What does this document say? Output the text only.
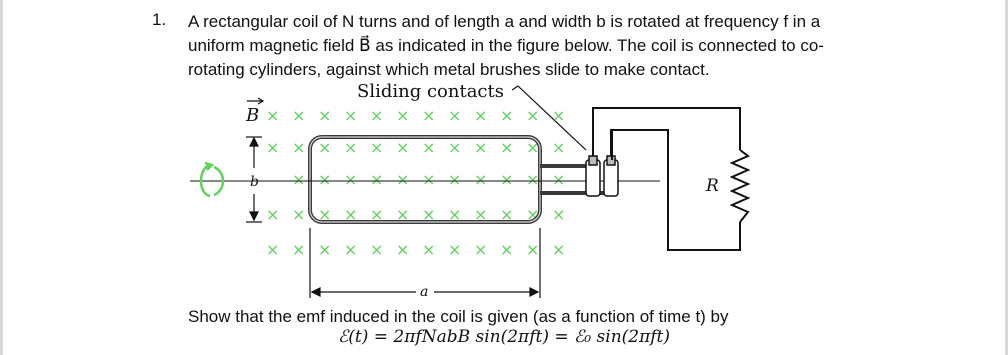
1. A rectangular coil of N turns and of length a and width b is rotated at frequency f in a
uniform magnetic field B⃗ as indicated in the figure below. The coil is connected to co-
rotating cylinders, against which metal brushes slide to make contact.
Sliding contacts
B × × × × × × × × × × × ×
× × × × × × × × × × × ×
× × × × × × × × × × ×
× × × × × × × × × × × ×
× × × × × × × × × × × ×
b
a
R
Show that the emf induced in the coil is given (as a function of time t) by
ℰ(t) = 2πfNabB sin(2πft) = ℰ₀ sin(2πft)
